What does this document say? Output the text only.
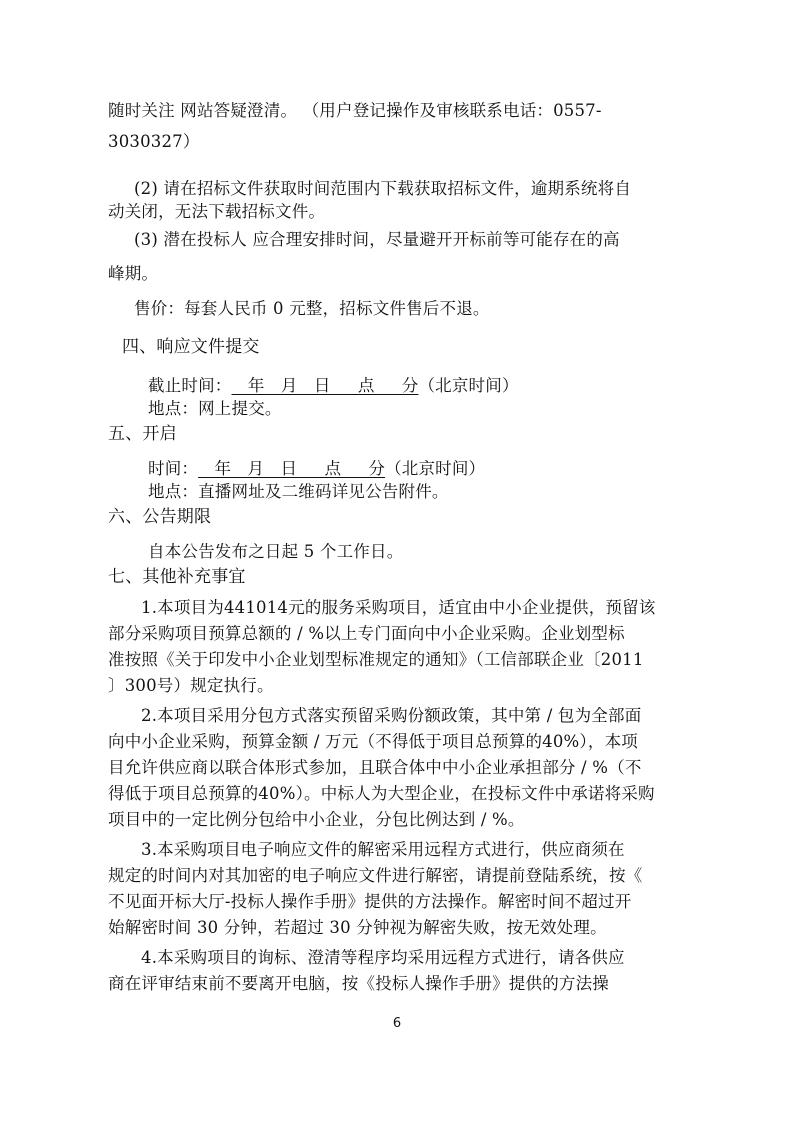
随时关注 网站答疑澄清。 （用户登记操作及审核联系电话：0557-
3030327）
(2) 请在招标文件获取时间范围内下载获取招标文件，逾期系统将自
动关闭，无法下载招标文件。
(3) 潜在投标人 应合理安排时间，尽量避开开标前等可能存在的高
峰期。
售价：每套人民币 0 元整，招标文件售后不退。
四、响应文件提交
截止时间：   年   月   日     点     分（北京时间）
地点：网上提交。
五、开启
时间：   年   月   日     点     分（北京时间）
地点：直播网址及二维码详见公告附件。
六、公告期限
自本公告发布之日起 5 个工作日。
七、其他补充事宜
1.本项目为441014元的服务采购项目，适宜由中小企业提供，预留该
部分采购项目预算总额的 / %以上专门面向中小企业采购。企业划型标
准按照《关于印发中小企业划型标准规定的通知》（工信部联企业〔2011
〕300号）规定执行。
2.本项目采用分包方式落实预留采购份额政策，其中第 / 包为全部面
向中小企业采购，预算金额 / 万元（不得低于项目总预算的40%），本项
目允许供应商以联合体形式参加，且联合体中中小企业承担部分 / %（不
得低于项目总预算的40%）。中标人为大型企业，在投标文件中承诺将采购
项目中的一定比例分包给中小企业，分包比例达到 / %。
3.本采购项目电子响应文件的解密采用远程方式进行，供应商须在
规定的时间内对其加密的电子响应文件进行解密，请提前登陆系统，按《
不见面开标大厅-投标人操作手册》提供的方法操作。解密时间不超过开
始解密时间 30 分钟，若超过 30 分钟视为解密失败，按无效处理。
4.本采购项目的询标、澄清等程序均采用远程方式进行，请各供应
商在评审结束前不要离开电脑，按《投标人操作手册》提供的方法操
6
